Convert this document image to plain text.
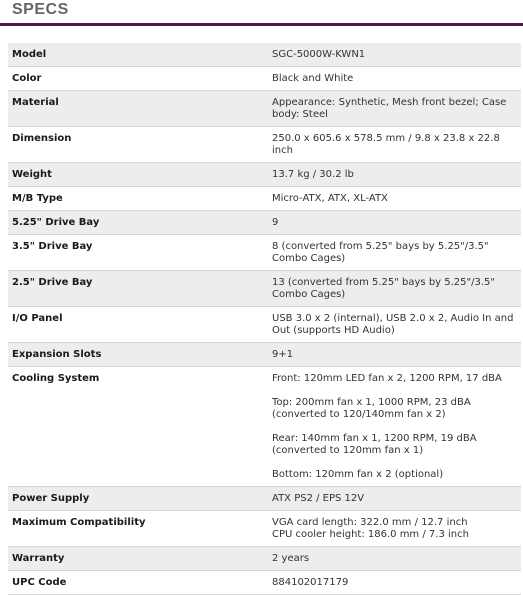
SPECS
Model	SGC-5000W-KWN1
Color	Black and White
Material	Appearance: Synthetic, Mesh front bezel; Case body: Steel
Dimension	250.0 x 605.6 x 578.5 mm / 9.8 x 23.8 x 22.8 inch
Weight	13.7 kg / 30.2 lb
M/B Type	Micro-ATX, ATX, XL-ATX
5.25" Drive Bay	9
3.5" Drive Bay	8 (converted from 5.25" bays by 5.25"/3.5" Combo Cages)
2.5" Drive Bay	13 (converted from 5.25" bays by 5.25"/3.5" Combo Cages)
I/O Panel	USB 3.0 x 2 (internal), USB 2.0 x 2, Audio In and Out (supports HD Audio)
Expansion Slots	9+1
Cooling System	Front: 120mm LED fan x 2, 1200 RPM, 17 dBA
Top: 200mm fan x 1, 1000 RPM, 23 dBA (converted to 120/140mm fan x 2)
Rear: 140mm fan x 1, 1200 RPM, 19 dBA (converted to 120mm fan x 1)
Bottom: 120mm fan x 2 (optional)

Power Supply	ATX PS2 / EPS 12V
Maximum Compatibility	VGA card length: 322.0 mm / 12.7 inch
CPU cooler height: 186.0 mm / 7.3 inch

Warranty	2 years
UPC Code	884102017179
